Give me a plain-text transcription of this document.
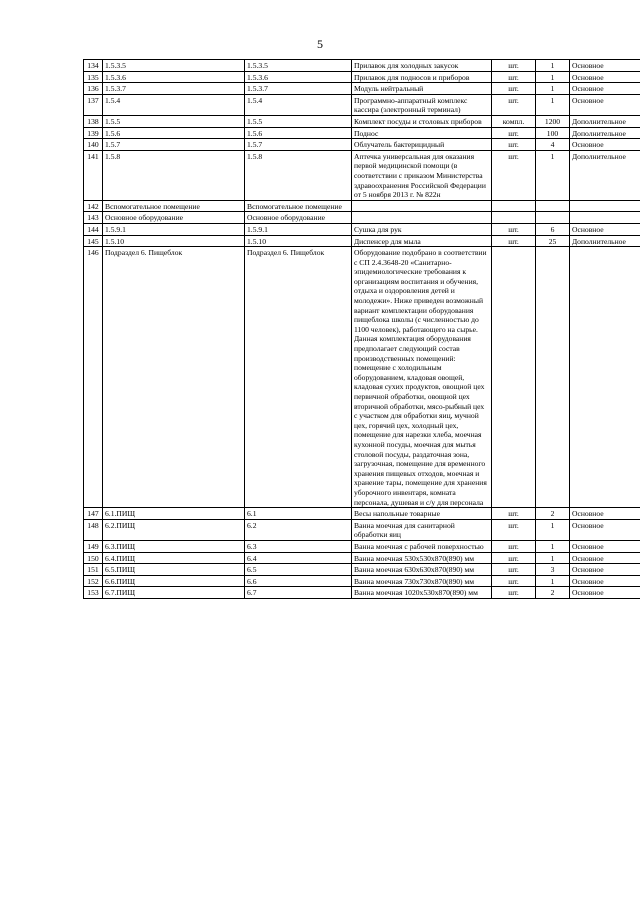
5
134	1.5.3.5	1.5.3.5	Прилавок для холодных закусок	шт.	1	Основное
135	1.5.3.6	1.5.3.6	Прилавок для подносов и приборов	шт.	1	Основное
136	1.5.3.7	1.5.3.7	Модуль нейтральный	шт.	1	Основное
137	1.5.4	1.5.4	Программно-аппаратный комплекс кассира (электронный терминал)	шт.	1	Основное
138	1.5.5	1.5.5	Комплект посуды и столовых приборов	компл.	1200	Дополнительное
139	1.5.6	1.5.6	Поднос	шт.	100	Дополнительное
140	1.5.7	1.5.7	Облучатель бактерицидный	шт.	4	Основное
141	1.5.8	1.5.8	Аптечка универсальная для оказания первой медицинской помощи (в соответствии с приказом Министерства здравоохранения Российской Федерации от 5 ноября 2013 г. № 822н	шт.	1	Дополнительное
142	Вспомогательное помещение	Вспомогательное помещение				
143	Основное оборудование	Основное оборудование				
144	1.5.9.1	1.5.9.1	Сушка для рук	шт.	6	Основное
145	1.5.10	1.5.10	Диспенсер для мыла	шт.	25	Дополнительное
146	Подраздел 6. Пищеблок	Подраздел 6. Пищеблок	Оборудование подобрано в соответствии с СП 2.4.3648-20 «Санитарно-эпидемиологические требования к организациям воспитания и обучения, отдыха и оздоровления детей и молодежи». Ниже приведен возможный вариант комплектации оборудования пищеблока школы (с численностью до 1100 человек), работающего на сырье. Данная комплектация оборудования предполагает следующий состав производственных помещений: помещение с холодильным оборудованием, кладовая овощей, кладовая сухих продуктов, овощной цех первичной обработки, овощной цех вторичной обработки, мясо-рыбный цех с участком для обработки яиц, мучной цех, горячий цех, холодный цех, помещение для нарезки хлеба, моечная кухонной посуды, моечная для мытья столовой посуды, раздаточная зона, загрузочная, помещение для временного хранения пищевых отходов, моечная и хранение тары, помещение для хранения уборочного инвентаря, комната персонала, душевая и с/у для персонала			
147	6.1.ПИЩ	6.1	Весы напольные товарные	шт.	2	Основное
148	6.2.ПИЩ	6.2	Ванна моечная для санитарной обработки яиц	шт.	1	Основное
149	6.3.ПИЩ	6.3	Ванна моечная с рабочей поверхностью	шт.	1	Основное
150	6.4.ПИЩ	6.4	Ванна моечная 530x530x870(890) мм	шт.	1	Основное
151	6.5.ПИЩ	6.5	Ванна моечная 630x630x870(890) мм	шт.	3	Основное
152	6.6.ПИЩ	6.6	Ванна моечная 730x730x870(890) мм	шт.	1	Основное
153	6.7.ПИЩ	6.7	Ванна моечная 1020x530x870(890) мм	шт.	2	Основное
